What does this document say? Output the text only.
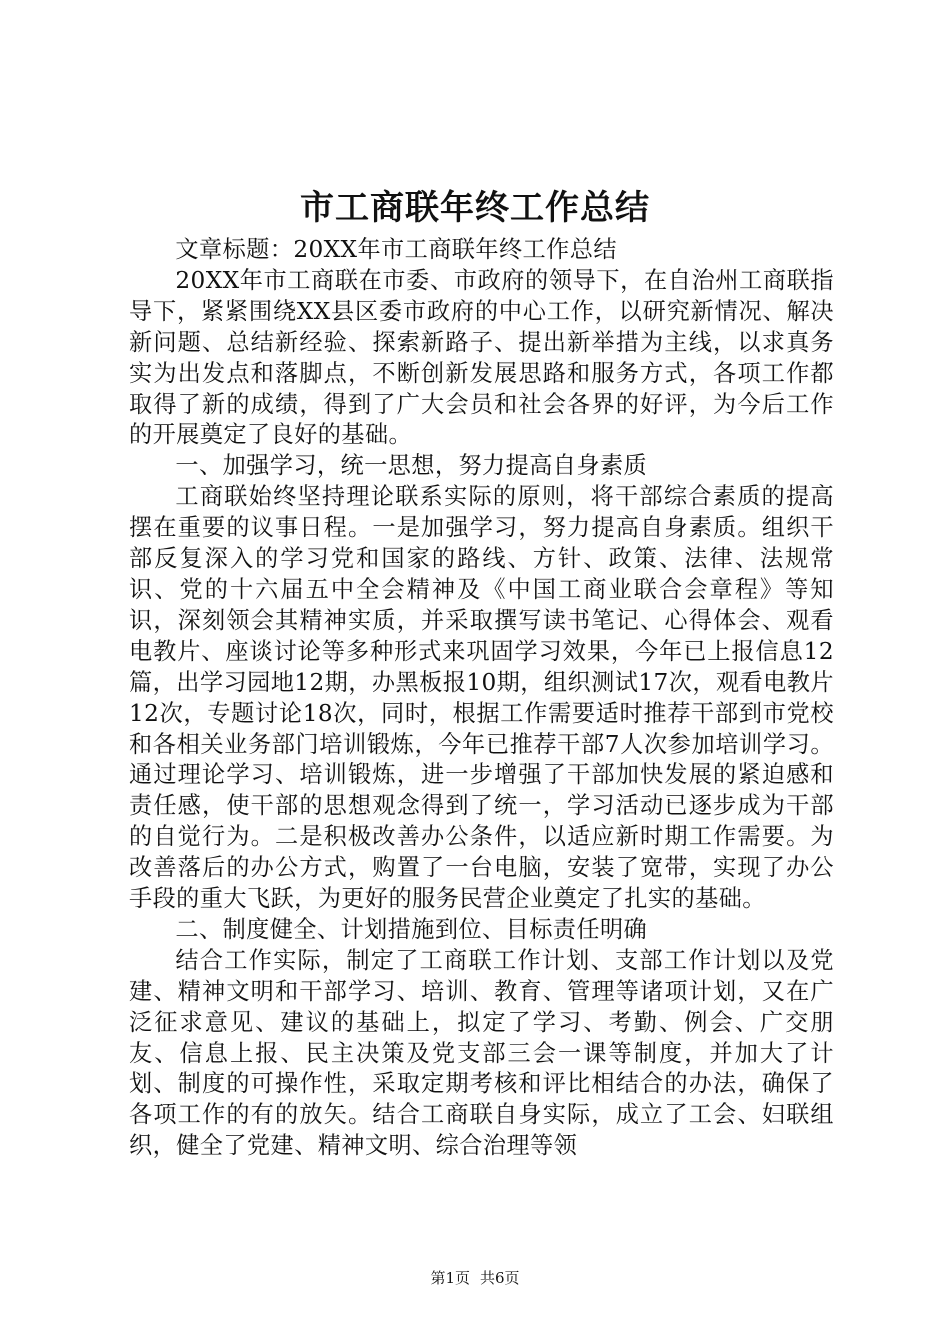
市工商联年终工作总结

文章标题：20XX年市工商联年终工作总结

20XX年市工商联在市委、市政府的领导下，在自治州工商联指导下，紧紧围绕XX县区委市政府的中心工作，以研究新情况、解决新问题、总结新经验、探索新路子、提出新举措为主线，以求真务实为出发点和落脚点，不断创新发展思路和服务方式，各项工作都取得了新的成绩，得到了广大会员和社会各界的好评，为今后工作的开展奠定了良好的基础。

一、加强学习，统一思想，努力提高自身素质

工商联始终坚持理论联系实际的原则，将干部综合素质的提高摆在重要的议事日程。一是加强学习，努力提高自身素质。组织干部反复深入的学习党和国家的路线、方针、政策、法律、法规常识、党的十六届五中全会精神及《中国工商业联合会章程》等知识，深刻领会其精神实质，并采取撰写读书笔记、心得体会、观看电教片、座谈讨论等多种形式来巩固学习效果，今年已上报信息12篇，出学习园地12期，办黑板报10期，组织测试17次，观看电教片12次，专题讨论18次，同时，根据工作需要适时推荐干部到市党校和各相关业务部门培训锻炼，今年已推荐干部7人次参加培训学习。通过理论学习、培训锻炼，进一步增强了干部加快发展的紧迫感和责任感，使干部的思想观念得到了统一，学习活动已逐步成为干部的自觉行为。二是积极改善办公条件，以适应新时期工作需要。为改善落后的办公方式，购置了一台电脑，安装了宽带，实现了办公手段的重大飞跃，为更好的服务民营企业奠定了扎实的基础。

二、制度健全、计划措施到位、目标责任明确

结合工作实际，制定了工商联工作计划、支部工作计划以及党建、精神文明和干部学习、培训、教育、管理等诸项计划，又在广泛征求意见、建议的基础上，拟定了学习、考勤、例会、广交朋友、信息上报、民主决策及党支部三会一课等制度，并加大了计划、制度的可操作性，采取定期考核和评比相结合的办法，确保了各项工作的有的放矢。结合工商联自身实际，成立了工会、妇联组织，健全了党建、精神文明、综合治理等领

第1页 共6页
